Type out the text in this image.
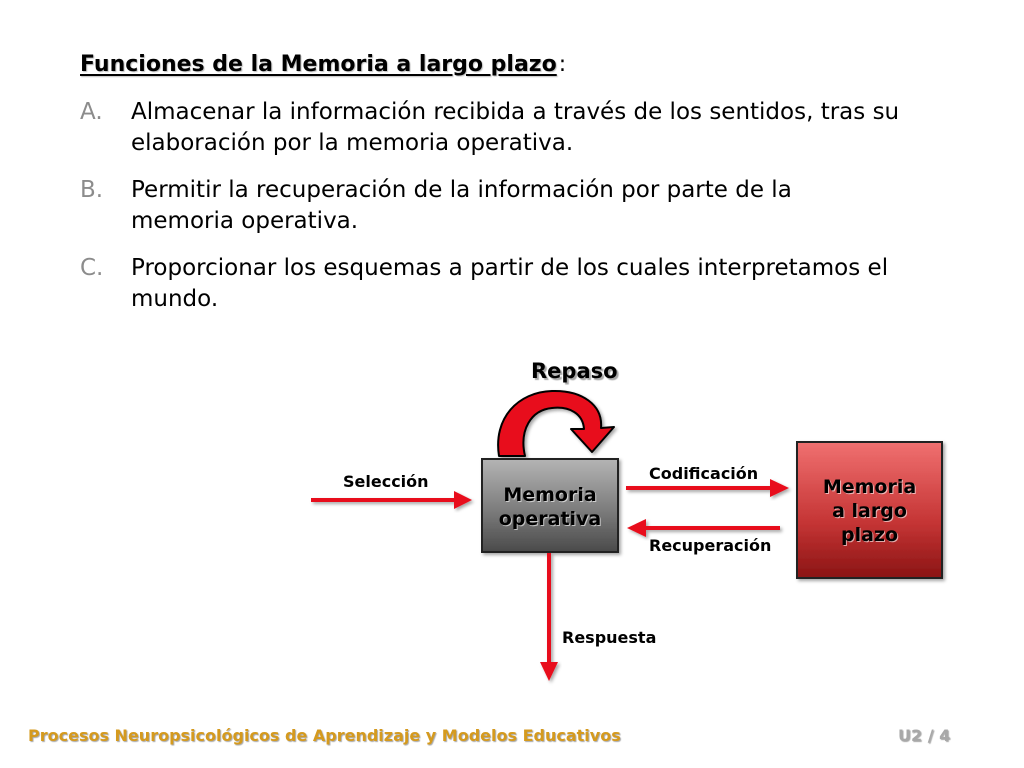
Funciones de la Memoria a largo plazo:
A. Almacenar la información recibida a través de los sentidos, tras su elaboración por la memoria operativa.
B. Permitir la recuperación de la información por parte de la memoria operativa.
C. Proporcionar los esquemas a partir de los cuales interpretamos el mundo.
Repaso
Memoria
operativa
Memoria
a largo
plazo
Selección	Codificación
Recuperación
Respuesta
Procesos Neuropsicológicos de Aprendizaje y Modelos Educativos	U2 / 4
